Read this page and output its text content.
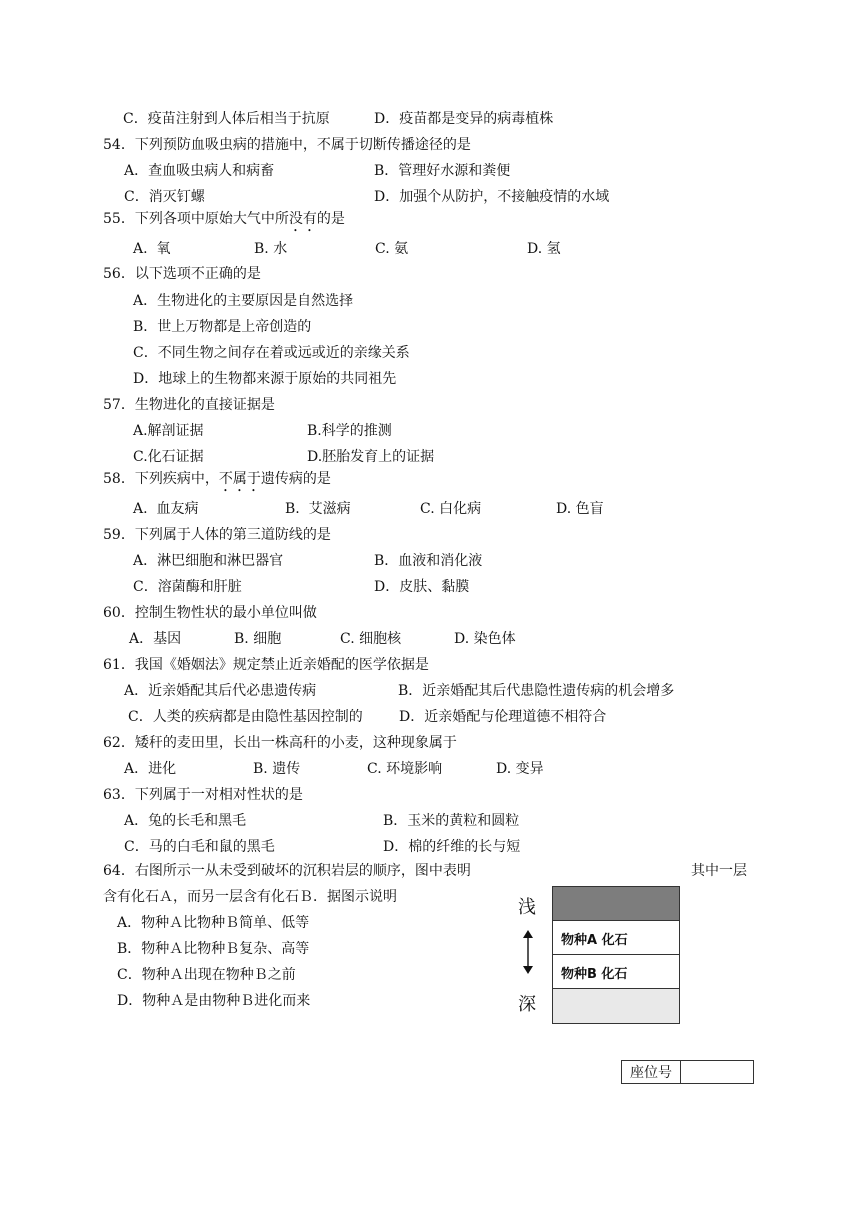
C．疫苗注射到人体后相当于抗原	D．疫苗都是变异的病毒植株
54．下列预防血吸虫病的措施中，不属于切断传播途径的是
A．查血吸虫病人和病畜	B．管理好水源和粪便
C．消灭钉螺	D．加强个从防护，不接触疫情的水域
55．下列各项中原始大气中所没有的是
A.  氧	B. 水	C. 氨	D. 氢
56．以下选项不正确的是
A．生物进化的主要原因是自然选择
B．世上万物都是上帝创造的
C．不同生物之间存在着或远或近的亲缘关系
D．地球上的生物都来源于原始的共同祖先
57．生物进化的直接证据是
A.解剖证据	B.科学的推测
C.化石证据	D.胚胎发育上的证据
58．下列疾病中，不属于遗传病的是
A.  血友病	B.  艾滋病	C. 白化病	D. 色盲
59．下列属于人体的第三道防线的是
A．淋巴细胞和淋巴器官	B．血液和消化液
C．溶菌酶和肝脏	D．皮肤、黏膜
60．控制生物性状的最小单位叫做
A．基因	B. 细胞	C. 细胞核	D. 染色体
61．我国《婚姻法》规定禁止近亲婚配的医学依据是
A．近亲婚配其后代必患遗传病	B．近亲婚配其后代患隐性遗传病的机会增多
C．人类的疾病都是由隐性基因控制的	D．近亲婚配与伦理道德不相符合
62．矮秆的麦田里，长出一株高秆的小麦，这种现象属于
A．进化	B. 遗传	C. 环境影响	D. 变异
63．下列属于一对相对性状的是
A．兔的长毛和黑毛	B．玉米的黄粒和圆粒
C．马的白毛和鼠的黑毛	D．棉的纤维的长与短
64．右图所示一从未受到破坏的沉积岩层的顺序，图中表明	其中一层
含有化石Ａ，而另一层含有化石Ｂ．据图示说明
A．物种Ａ比物种Ｂ简单、低等
B．物种Ａ比物种Ｂ复杂、高等
C．物种Ａ出现在物种Ｂ之前
D．物种Ａ是由物种Ｂ进化而来
浅
深
物种A 化石
物种B 化石
座位号	
